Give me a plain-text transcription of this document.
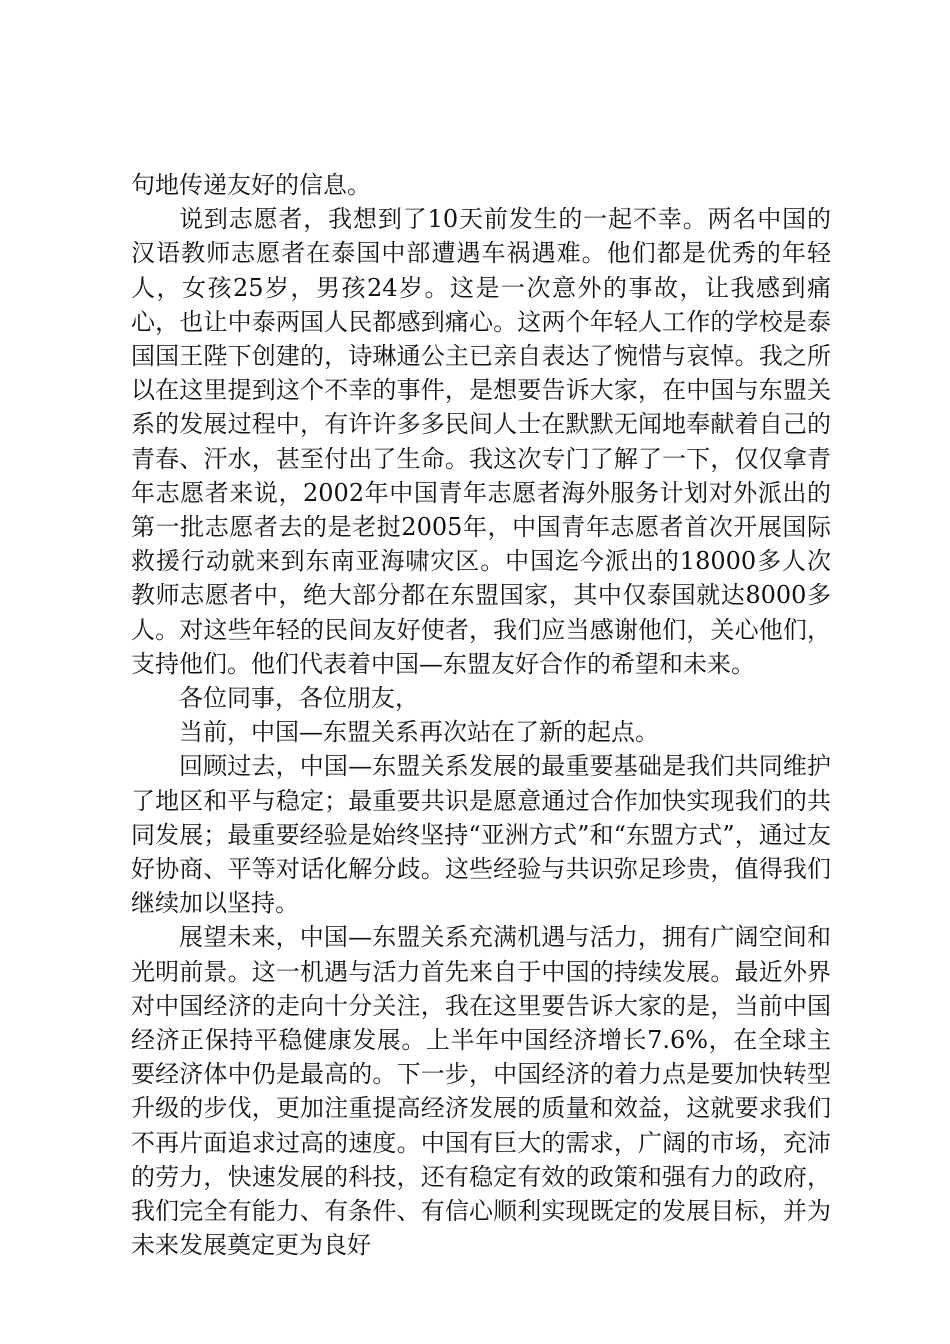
句地传递友好的信息。

说到志愿者，我想到了10天前发生的一起不幸。两名中国的汉语教师志愿者在泰国中部遭遇车祸遇难。他们都是优秀的年轻人，女孩25岁，男孩24岁。这是一次意外的事故，让我感到痛心，也让中泰两国人民都感到痛心。这两个年轻人工作的学校是泰国国王陛下创建的，诗琳通公主已亲自表达了惋惜与哀悼。我之所以在这里提到这个不幸的事件，是想要告诉大家，在中国与东盟关系的发展过程中，有许许多多民间人士在默默无闻地奉献着自己的青春、汗水，甚至付出了生命。我这次专门了解了一下，仅仅拿青年志愿者来说，2002年中国青年志愿者海外服务计划对外派出的第一批志愿者去的是老挝2005年，中国青年志愿者首次开展国际救援行动就来到东南亚海啸灾区。中国迄今派出的18000多人次教师志愿者中，绝大部分都在东盟国家，其中仅泰国就达8000多人。对这些年轻的民间友好使者，我们应当感谢他们，关心他们，支持他们。他们代表着中国—东盟友好合作的希望和未来。

各位同事，各位朋友，

当前，中国—东盟关系再次站在了新的起点。

回顾过去，中国—东盟关系发展的最重要基础是我们共同维护了地区和平与稳定；最重要共识是愿意通过合作加快实现我们的共同发展；最重要经验是始终坚持“亚洲方式”和“东盟方式”，通过友好协商、平等对话化解分歧。这些经验与共识弥足珍贵，值得我们继续加以坚持。

展望未来，中国—东盟关系充满机遇与活力，拥有广阔空间和光明前景。这一机遇与活力首先来自于中国的持续发展。最近外界对中国经济的走向十分关注，我在这里要告诉大家的是，当前中国经济正保持平稳健康发展。上半年中国经济增长7.6%，在全球主要经济体中仍是最高的。下一步，中国经济的着力点是要加快转型升级的步伐，更加注重提高经济发展的质量和效益，这就要求我们不再片面追求过高的速度。中国有巨大的需求，广阔的市场，充沛的劳力，快速发展的科技，还有稳定有效的政策和强有力的政府，我们完全有能力、有条件、有信心顺利实现既定的发展目标，并为未来发展奠定更为良好
